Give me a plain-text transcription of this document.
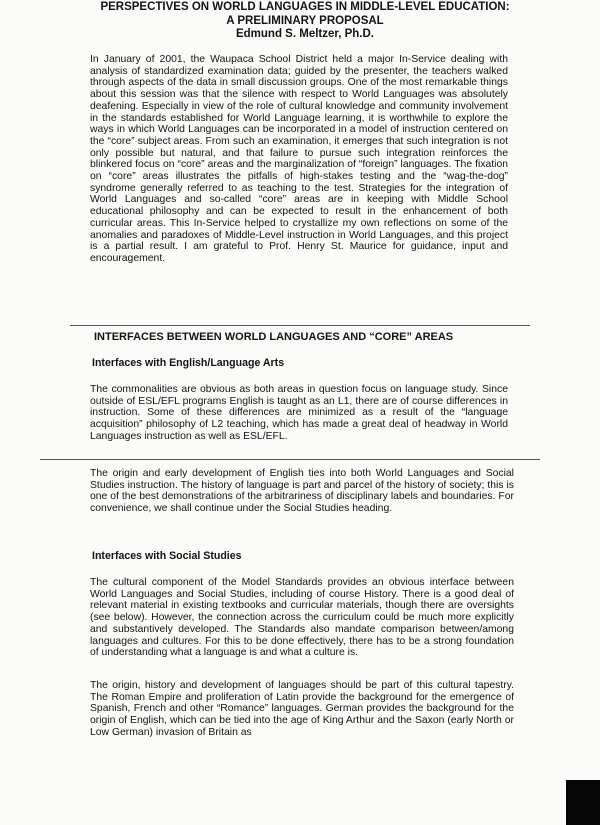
PERSPECTIVES ON WORLD LANGUAGES IN MIDDLE-LEVEL EDUCATION:
A PRELIMINARY PROPOSAL
Edmund S. Meltzer, Ph.D.

In January of 2001, the Waupaca School District held a major In-Service dealing with analysis of standardized examination data; guided by the presenter, the teachers walked through aspects of the data in small discussion groups. One of the most remarkable things about this session was that the silence with respect to World Languages was absolutely deafening. Especially in view of the role of cultural knowledge and community involvement in the standards established for World Language learning, it is worthwhile to explore the ways in which World Languages can be incorporated in a model of instruction centered on the “core” subject areas. From such an examination, it emerges that such integration is not only possible but natural, and that failure to pursue such integration reinforces the blinkered focus on “core” areas and the marginalization of “foreign” languages. The fixation on “core” areas illustrates the pitfalls of high-stakes testing and the “wag-the-dog” syndrome generally referred to as teaching to the test. Strategies for the integration of World Languages and so-called “core” areas are in keeping with Middle School educational philosophy and can be expected to result in the enhancement of both curricular areas. This In-Service helped to crystallize my own reflections on some of the anomalies and paradoxes of Middle-Level instruction in World Languages, and this project is a partial result. I am grateful to Prof. Henry St. Maurice for guidance, input and encouragement.

INTERFACES BETWEEN WORLD LANGUAGES AND “CORE” AREAS
Interfaces with English/Language Arts

The commonalities are obvious as both areas in question focus on language study. Since outside of ESL/EFL programs English is taught as an L1, there are of course differences in instruction. Some of these differences are minimized as a result of the “language acquisition” philosophy of L2 teaching, which has made a great deal of headway in World Languages instruction as well as ESL/EFL.

The origin and early development of English ties into both World Languages and Social Studies instruction. The history of language is part and parcel of the history of society; this is one of the best demonstrations of the arbitrariness of disciplinary labels and boundaries. For convenience, we shall continue under the Social Studies heading.

Interfaces with Social Studies

The cultural component of the Model Standards provides an obvious interface between World Languages and Social Studies, including of course History. There is a good deal of relevant material in existing textbooks and curricular materials, though there are oversights (see below). However, the connection across the curriculum could be much more explicitly and substantively developed. The Standards also mandate comparison between/among languages and cultures. For this to be done effectively, there has to be a strong foundation of understanding what a language is and what a culture is.

The origin, history and development of languages should be part of this cultural tapestry. The Roman Empire and proliferation of Latin provide the background for the emergence of Spanish, French and other “Romance” languages. German provides the background for the origin of English, which can be tied into the age of King Arthur and the Saxon (early North or Low German) invasion of Britain as
